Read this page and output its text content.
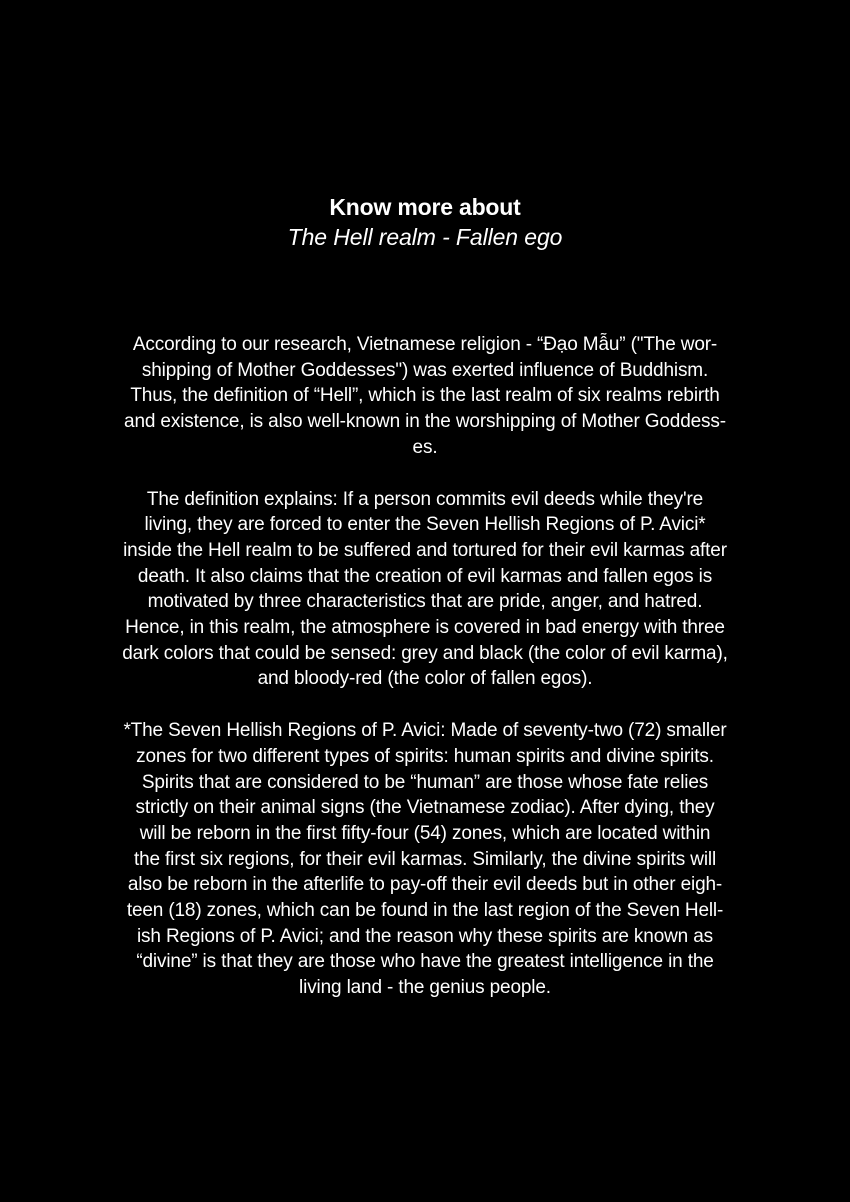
Know more about
The Hell realm - Fallen ego
According to our research, Vietnamese religion - “Đạo Mẫu” ("The wor-
shipping of Mother Goddesses") was exerted influence of Buddhism.
Thus, the definition of “Hell”, which is the last realm of six realms rebirth
and existence, is also well-known in the worshipping of Mother Goddess-
es.
The definition explains: If a person commits evil deeds while they're
living, they are forced to enter the Seven Hellish Regions of P. Avici*
inside the Hell realm to be suffered and tortured for their evil karmas after
death. It also claims that the creation of evil karmas and fallen egos is
motivated by three characteristics that are pride, anger, and hatred.
Hence, in this realm, the atmosphere is covered in bad energy with three
dark colors that could be sensed: grey and black (the color of evil karma),
and bloody-red (the color of fallen egos).
*The Seven Hellish Regions of P. Avici: Made of seventy-two (72) smaller
zones for two different types of spirits: human spirits and divine spirits.
Spirits that are considered to be “human” are those whose fate relies
strictly on their animal signs (the Vietnamese zodiac). After dying, they
will be reborn in the first fifty-four (54) zones, which are located within
the first six regions, for their evil karmas. Similarly, the divine spirits will
also be reborn in the afterlife to pay-off their evil deeds but in other eigh-
teen (18) zones, which can be found in the last region of the Seven Hell-
ish Regions of P. Avici; and the reason why these spirits are known as
“divine” is that they are those who have the greatest intelligence in the
living land - the genius people.
